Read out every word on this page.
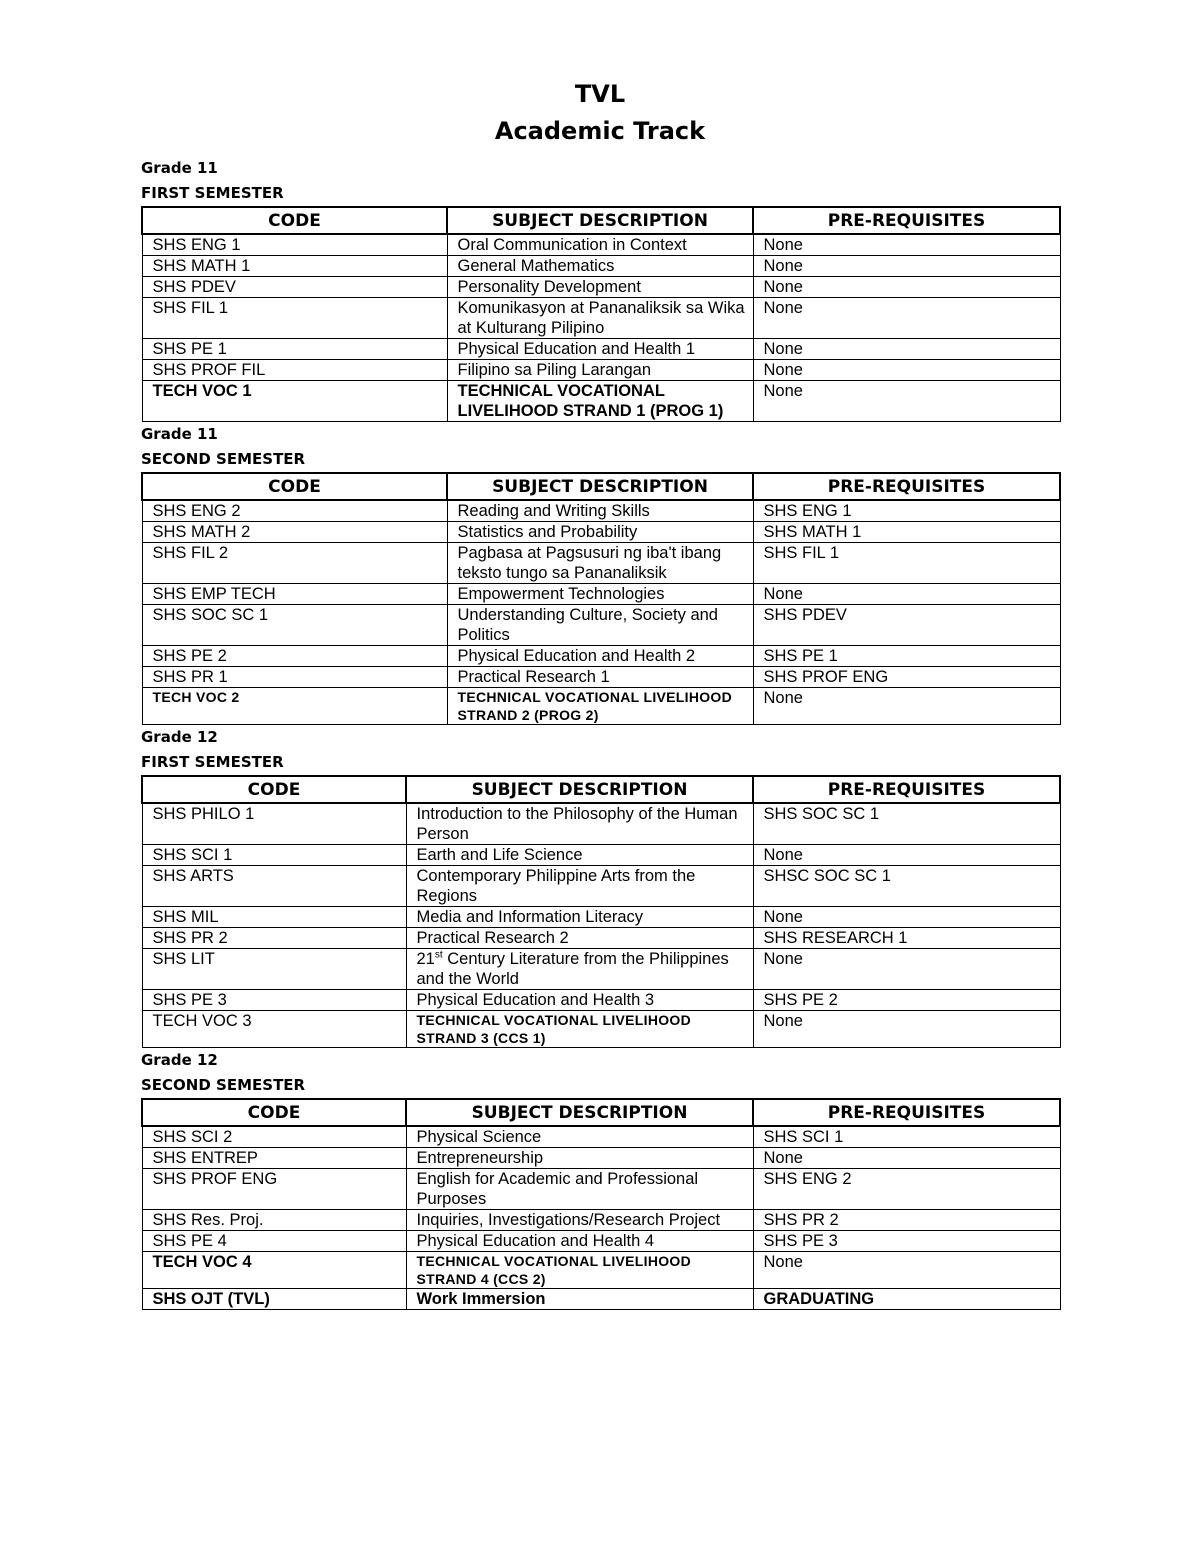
TVL
Academic Track

Grade 11

FIRST SEMESTER

CODE	SUBJECT DESCRIPTION	PRE-REQUISITES
SHS ENG 1	Oral Communication in Context	None
SHS MATH 1	General Mathematics	None
SHS PDEV	Personality Development	None
SHS FIL 1	Komunikasyon at Pananaliksik sa Wika at Kulturang Pilipino	None
SHS PE 1	Physical Education and Health 1	None
SHS PROF FIL	Filipino sa Piling Larangan	None
TECH VOC 1	TECHNICAL VOCATIONAL LIVELIHOOD STRAND 1 (PROG 1)	None

Grade 11

SECOND SEMESTER

CODE	SUBJECT DESCRIPTION	PRE-REQUISITES
SHS ENG 2	Reading and Writing Skills	SHS ENG 1
SHS MATH 2	Statistics and Probability	SHS MATH 1
SHS FIL 2	Pagbasa at Pagsusuri ng iba't ibang teksto tungo sa Pananaliksik	SHS FIL 1
SHS EMP TECH	Empowerment Technologies	None
SHS SOC SC 1	Understanding Culture, Society and Politics	SHS PDEV
SHS PE 2	Physical Education and Health 2	SHS PE 1
SHS PR 1	Practical Research 1	SHS PROF ENG
TECH VOC 2	TECHNICAL VOCATIONAL LIVELIHOOD STRAND 2 (PROG 2)	None

Grade 12

FIRST SEMESTER

CODE	SUBJECT DESCRIPTION	PRE-REQUISITES
SHS PHILO 1	Introduction to the Philosophy of the Human Person	SHS SOC SC 1
SHS SCI 1	Earth and Life Science	None
SHS ARTS	Contemporary Philippine Arts from the Regions	SHSC SOC SC 1
SHS MIL	Media and Information Literacy	None
SHS PR 2	Practical Research 2	SHS RESEARCH 1
SHS LIT	21st Century Literature from the Philippines and the World	None
SHS PE 3	Physical Education and Health 3	SHS PE 2
TECH VOC 3	TECHNICAL VOCATIONAL LIVELIHOOD STRAND 3 (CCS 1)	None

Grade 12

SECOND SEMESTER

CODE	SUBJECT DESCRIPTION	PRE-REQUISITES
SHS SCI 2	Physical Science	SHS SCI 1
SHS ENTREP	Entrepreneurship	None
SHS PROF ENG	English for Academic and Professional Purposes	SHS ENG 2
SHS Res. Proj.	Inquiries, Investigations/Research Project	SHS PR 2
SHS PE 4	Physical Education and Health 4	SHS PE 3
TECH VOC 4	TECHNICAL VOCATIONAL LIVELIHOOD STRAND 4 (CCS 2)	None
SHS OJT (TVL)	Work Immersion	GRADUATING
